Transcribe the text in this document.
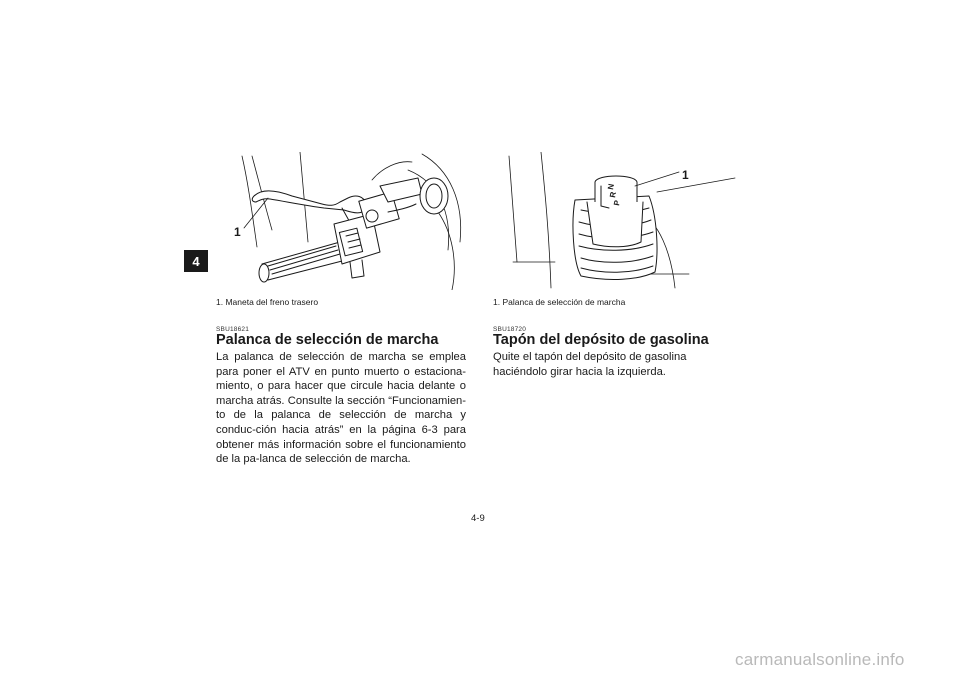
4
1
N
R
P
1
1. Maneta del freno trasero
SBU18621
Palanca de selección de marcha
La palanca de selección de marcha se emplea para poner el ATV en punto muerto o estaciona-miento, o para hacer que circule hacia delante o marcha atrás. Consulte la sección “Funcionamien-to de la palanca de selección de marcha y conduc-ción hacia atrás” en la página 6-3 para obtener más información sobre el funcionamiento de la pa-lanca de selección de marcha.
1. Palanca de selección de marcha
SBU18720
Tapón del depósito de gasolina
Quite el tapón del depósito de gasolina haciéndolo girar hacia la izquierda.
4-9
carmanualsonline.info
